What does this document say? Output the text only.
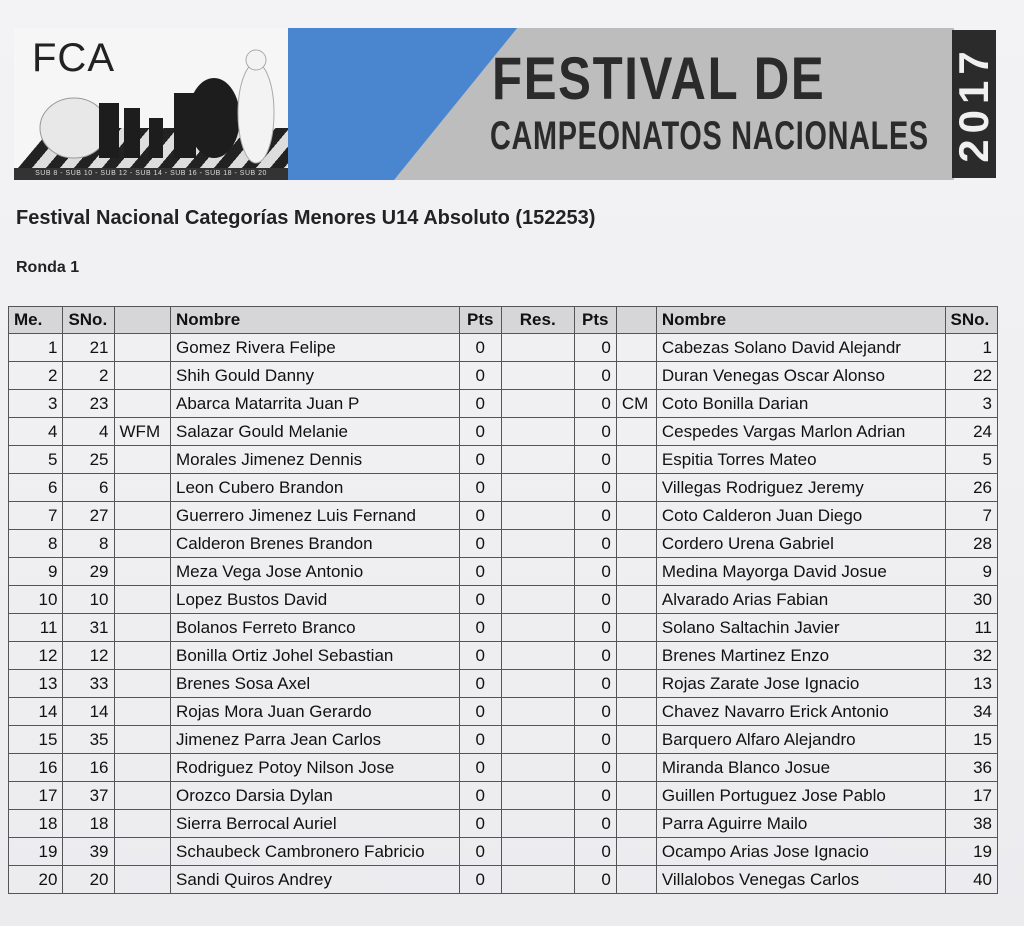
FCA
SUB 8 - SUB 10 - SUB 12 - SUB 14 - SUB 16 - SUB 18 - SUB 20
FESTIVAL DE
CAMPEONATOS NACIONALES 2017
Festival Nacional Categorías Menores U14 Absoluto (152253)
Ronda 1
Me.	SNo.		Nombre	Pts	Res.	Pts		Nombre	SNo.
1	21		Gomez Rivera Felipe	0		0		Cabezas Solano David Alejandr	1
2	2		Shih Gould Danny	0		0		Duran Venegas Oscar Alonso	22
3	23		Abarca Matarrita Juan P	0		0	CM	Coto Bonilla Darian	3
4	4	WFM	Salazar Gould Melanie	0		0		Cespedes Vargas Marlon Adrian	24
5	25		Morales Jimenez Dennis	0		0		Espitia Torres Mateo	5
6	6		Leon Cubero Brandon	0		0		Villegas Rodriguez Jeremy	26
7	27		Guerrero Jimenez Luis Fernand	0		0		Coto Calderon Juan Diego	7
8	8		Calderon Brenes Brandon	0		0		Cordero Urena Gabriel	28
9	29		Meza Vega Jose Antonio	0		0		Medina Mayorga David Josue	9
10	10		Lopez Bustos David	0		0		Alvarado Arias Fabian	30
11	31		Bolanos Ferreto Branco	0		0		Solano Saltachin Javier	11
12	12		Bonilla Ortiz Johel Sebastian	0		0		Brenes Martinez Enzo	32
13	33		Brenes Sosa Axel	0		0		Rojas Zarate Jose Ignacio	13
14	14		Rojas Mora Juan Gerardo	0		0		Chavez Navarro Erick Antonio	34
15	35		Jimenez Parra Jean Carlos	0		0		Barquero Alfaro Alejandro	15
16	16		Rodriguez Potoy Nilson Jose	0		0		Miranda Blanco Josue	36
17	37		Orozco Darsia Dylan	0		0		Guillen Portuguez Jose Pablo	17
18	18		Sierra Berrocal Auriel	0		0		Parra Aguirre Mailo	38
19	39		Schaubeck Cambronero Fabricio	0		0		Ocampo Arias Jose Ignacio	19
20	20		Sandi Quiros Andrey	0		0		Villalobos Venegas Carlos	40
